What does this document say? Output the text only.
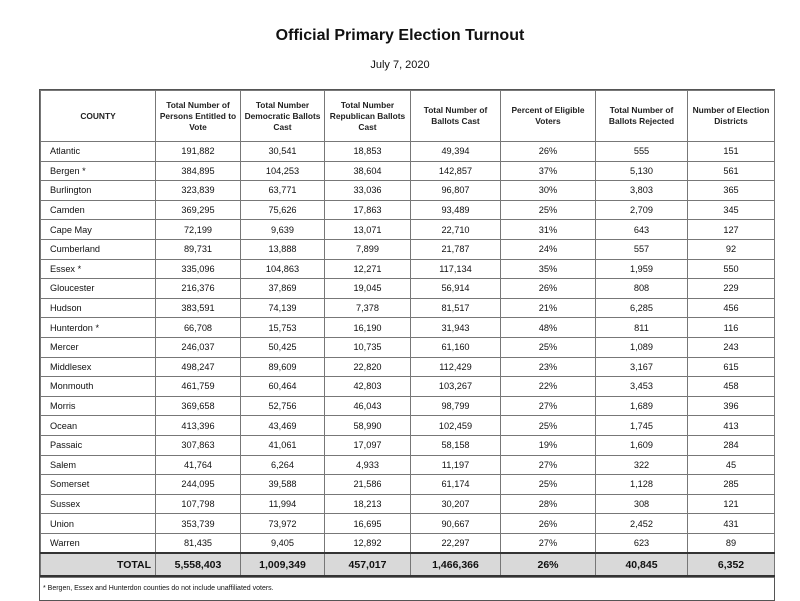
Official Primary Election Turnout
July 7, 2020
COUNTY	Total Number of Persons Entitled to Vote	Total Number Democratic Ballots Cast	Total Number Republican Ballots Cast	Total Number of Ballots Cast	Percent of Eligible Voters	Total Number of Ballots Rejected	Number of Election Districts
Atlantic	191,882	30,541	18,853	49,394	26%	555	151
Bergen *	384,895	104,253	38,604	142,857	37%	5,130	561
Burlington	323,839	63,771	33,036	96,807	30%	3,803	365
Camden	369,295	75,626	17,863	93,489	25%	2,709	345
Cape May	72,199	9,639	13,071	22,710	31%	643	127
Cumberland	89,731	13,888	7,899	21,787	24%	557	92
Essex *	335,096	104,863	12,271	117,134	35%	1,959	550
Gloucester	216,376	37,869	19,045	56,914	26%	808	229
Hudson	383,591	74,139	7,378	81,517	21%	6,285	456
Hunterdon *	66,708	15,753	16,190	31,943	48%	811	116
Mercer	246,037	50,425	10,735	61,160	25%	1,089	243
Middlesex	498,247	89,609	22,820	112,429	23%	3,167	615
Monmouth	461,759	60,464	42,803	103,267	22%	3,453	458
Morris	369,658	52,756	46,043	98,799	27%	1,689	396
Ocean	413,396	43,469	58,990	102,459	25%	1,745	413
Passaic	307,863	41,061	17,097	58,158	19%	1,609	284
Salem	41,764	6,264	4,933	11,197	27%	322	45
Somerset	244,095	39,588	21,586	61,174	25%	1,128	285
Sussex	107,798	11,994	18,213	30,207	28%	308	121
Union	353,739	73,972	16,695	90,667	26%	2,452	431
Warren	81,435	9,405	12,892	22,297	27%	623	89
TOTAL	5,558,403	1,009,349	457,017	1,466,366	26%	40,845	6,352
* Bergen, Essex and Hunterdon counties do not include unaffiliated voters.
